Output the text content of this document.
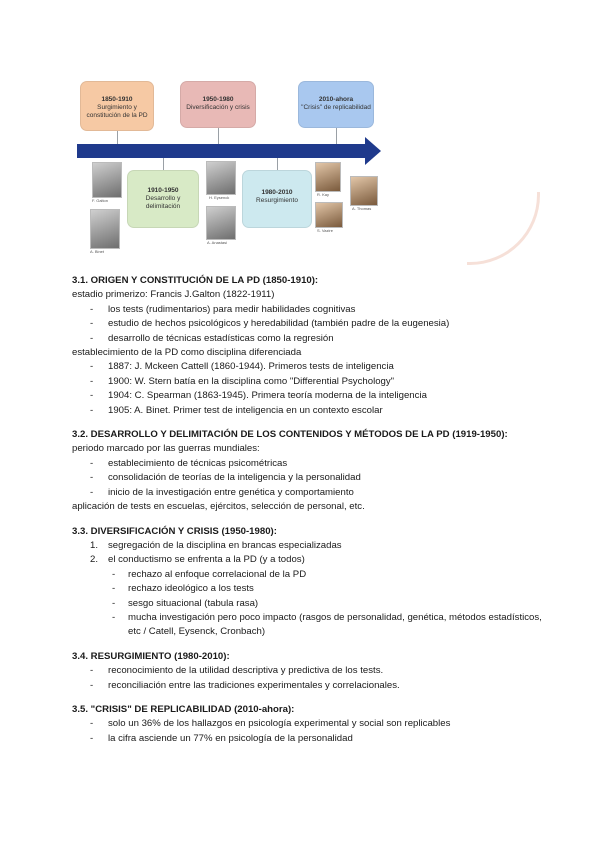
1850-1910
Surgimiento y constitución de la PD
1950-1980
Diversificación y crisis
2010-ahora
"Crisis" de replicabilidad
1910-1950
Desarrollo y delimitación
1980-2010
Resurgimiento
F. Galton
A. Binet
H. Eysenck
A. Anastasi
R. Kay
A. Thomas
S. Vazire
3.1. ORIGEN Y CONSTITUCIÓN DE LA PD (1850-1910):
estadio primerizo: Francis J.Galton (1822-1911)
- los tests (rudimentarios) para medir habilidades cognitivas
- estudio de hechos psicológicos y heredabilidad (también padre de la eugenesia)
- desarrollo de técnicas estadísticas como la regresión
establecimiento de la PD como disciplina diferenciada
- 1887: J. Mckeen Cattell (1860-1944). Primeros tests de inteligencia
- 1900: W. Stern batía en la disciplina como "Differential Psychology"
- 1904: C. Spearman (1863-1945). Primera teoría moderna de la inteligencia
- 1905: A. Binet. Primer test de inteligencia en un contexto escolar
3.2. DESARROLLO Y DELIMITACIÓN DE LOS CONTENIDOS Y MÉTODOS DE LA PD (1919-1950):
periodo marcado por las guerras mundiales:
- establecimiento de técnicas psicométricas
- consolidación de teorías de la inteligencia y la personalidad
- inicio de la investigación entre genética y comportamiento
aplicación de tests en escuelas, ejércitos, selección de personal, etc.
3.3. DIVERSIFICACIÓN Y CRISIS (1950-1980):
1. segregación de la disciplina en brancas especializadas
2. el conductismo se enfrenta a la PD (y a todos)
- rechazo al enfoque correlacional de la PD
- rechazo ideológico a los tests
- sesgo situacional (tabula rasa)
- mucha investigación pero poco impacto (rasgos de personalidad, genética, métodos estadísticos, etc / Catell, Eysenck, Cronbach)
3.4. RESURGIMIENTO (1980-2010):
- reconocimiento de la utilidad descriptiva y predictiva de los tests.
- reconciliación entre las tradiciones experimentales y correlacionales.
3.5. "CRISIS" DE REPLICABILIDAD (2010-ahora):
- solo un 36% de los hallazgos en psicología experimental y social son replicables
- la cifra asciende un 77% en psicología de la personalidad
